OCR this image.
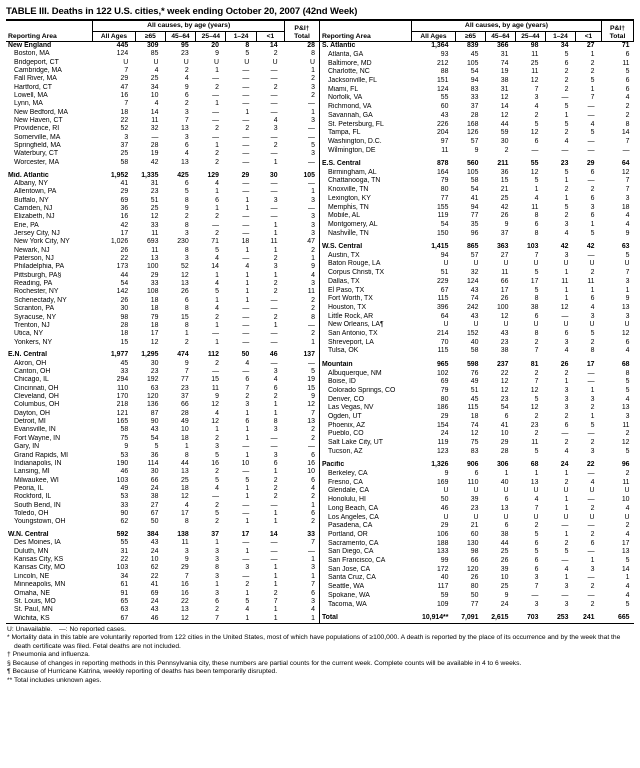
TABLE III. Deaths in 122 U.S. cities,* week ending October 20, 2007 (42nd Week)
Reporting Area	All causes, by age (years)						P&I† Total
	All Ages	≥65	45–64	25–44	1–24	<1	
New England	445	309	95	20	8	14	28
Boston, MA	124	85	23	9	5	2	8
Bridgeport, CT	U	U	U	U	U	U	U
Cambridge, MA	7	4	2	1	—	—	1
Fall River, MA	29	25	4	—	—	—	2
Hartford, CT	47	34	9	2	—	2	3
Lowell, MA	16	10	6	—	—	—	2
Lynn, MA	7	4	2	1	—	—	—
New Bedford, MA	18	14	3	—	1	—	1
New Haven, CT	22	11	7	—	—	4	3
Providence, RI	52	32	13	2	2	3	—
Somerville, MA	3	—	3	—	—	—	—
Springfield, MA	37	28	6	1	—	2	5
Waterbury, CT	25	19	4	2	—	—	3
Worcester, MA	58	42	13	2	—	1	—

Mid. Atlantic	1,952	1,335	425	129	29	30	105
Albany, NY	41	31	6	4	—	—	—
Allentown, PA	29	23	5	1	—	—	1
Buffalo, NY	69	51	8	6	1	3	3
Camden, NJ	36	25	9	1	1	—	—
Elizabeth, NJ	16	12	2	2	—	—	3
Erie, PA	42	33	8	—	—	1	3
Jersey City, NJ	17	11	3	2	—	1	3
New York City, NY	1,026	693	230	71	18	11	47
Newark, NJ	26	11	8	5	1	1	2
Paterson, NJ	22	13	3	4	—	2	1
Philadelphia, PA	173	100	52	14	4	3	9
Pittsburgh, PA§	44	29	12	1	1	1	4
Reading, PA	54	33	13	4	1	2	3
Rochester, NY	142	108	26	5	1	2	11
Schenectady, NY	26	18	6	1	1	—	2
Scranton, PA	30	18	8	4	—	—	2
Syracuse, NY	98	79	15	2	—	2	8
Trenton, NJ	28	18	8	1	—	1	—
Utica, NY	18	17	1	—	—	—	2
Yonkers, NY	15	12	2	1	—	—	1

E.N. Central	1,977	1,295	474	112	50	46	137
Akron, OH	45	30	9	2	4	—	—
Canton, OH	33	23	7	—	—	3	5
Chicago, IL	294	192	77	15	6	4	19
Cincinnati, OH	110	63	23	11	7	6	15
Cleveland, OH	170	120	37	9	2	2	9
Columbus, OH	218	136	66	12	3	1	12
Dayton, OH	121	87	28	4	1	1	7
Detroit, MI	165	90	49	12	6	8	13
Evansville, IN	58	43	10	1	1	3	2
Fort Wayne, IN	75	54	18	2	1	—	2
Gary, IN	9	5	1	3	—	—	—
Grand Rapids, MI	53	36	8	5	1	3	6
Indianapolis, IN	190	114	44	16	10	6	16
Lansing, MI	46	30	13	2	—	1	10
Milwaukee, WI	103	66	25	5	5	2	6
Peoria, IL	49	24	18	4	1	2	4
Rockford, IL	53	38	12	—	1	2	2
South Bend, IN	33	27	4	2	—	—	1
Toledo, OH	90	67	17	5	—	1	6
Youngstown, OH	62	50	8	2	1	1	2

W.N. Central	592	384	138	37	17	14	33
Des Moines, IA	55	43	11	1	—	—	7
Duluth, MN	31	24	3	3	1	—	—
Kansas City, KS	22	10	9	3	—	—	1
Kansas City, MO	103	62	29	8	3	1	3
Lincoln, NE	34	22	7	3	—	1	1
Minneapolis, MN	61	41	16	1	2	1	7
Omaha, NE	91	69	16	3	1	2	6
St. Louis, MO	65	24	22	6	5	7	3
St. Paul, MN	63	43	13	2	4	1	4
Wichita, KS	67	46	12	7	1	1	1
Reporting Area	All causes, by age (years)						P&I† Total
	All Ages	≥65	45–64	25–44	1–24	<1	
S. Atlantic	1,364	839	366	98	34	27	71
Atlanta, GA	93	45	31	11	5	1	6
Baltimore, MD	212	105	74	25	6	2	11
Charlotte, NC	88	54	19	11	2	2	5
Jacksonville, FL	151	94	38	12	2	5	6
Miami, FL	124	83	31	7	2	1	6
Norfolk, VA	55	33	12	3	—	7	4
Richmond, VA	60	37	14	4	5	—	2
Savannah, GA	43	28	12	2	1	—	2
St. Petersburg, FL	226	168	44	5	5	4	8
Tampa, FL	204	126	59	12	2	5	14
Washington, D.C.	97	57	30	6	4	—	7
Wilmington, DE	11	9	2	—	—	—	—

E.S. Central	878	560	211	55	23	29	64
Birmingham, AL	164	105	36	12	5	6	12
Chattanooga, TN	79	58	15	5	1	—	7
Knoxville, TN	80	54	21	1	2	2	7
Lexington, KY	77	41	25	4	1	6	3
Memphis, TN	155	94	42	11	5	3	18
Mobile, AL	119	77	26	8	2	6	4
Montgomery, AL	54	35	9	6	3	1	4
Nashville, TN	150	96	37	8	4	5	9

W.S. Central	1,415	865	363	103	42	42	63
Austin, TX	94	57	27	7	3	—	5
Baton Rouge, LA	U	U	U	U	U	U	U
Corpus Christi, TX	51	32	11	5	1	2	7
Dallas, TX	229	124	66	17	11	11	3
El Paso, TX	67	43	17	5	1	1	1
Fort Worth, TX	115	74	26	8	1	6	9
Houston, TX	396	242	100	38	12	4	13
Little Rock, AR	64	43	12	6	—	3	3
New Orleans, LA¶	U	U	U	U	U	U	U
San Antonio, TX	214	152	43	8	6	5	12
Shreveport, LA	70	40	23	2	3	2	6
Tulsa, OK	115	58	38	7	4	8	4

Mountain	965	598	237	81	26	17	68
Albuquerque, NM	102	76	22	2	2	—	8
Boise, ID	69	49	12	7	1	—	5
Colorado Springs, CO	79	51	12	12	3	1	5
Denver, CO	80	45	23	5	3	3	4
Las Vegas, NV	186	115	54	12	3	2	13
Ogden, UT	29	18	6	2	2	1	3
Phoenix, AZ	154	74	41	23	6	5	11
Pueblo, CO	24	12	10	2	—	—	2
Salt Lake City, UT	119	75	29	11	2	2	12
Tucson, AZ	123	83	28	5	4	3	5

Pacific	1,326	906	306	68	24	22	96
Berkeley, CA	9	6	1	1	1	—	2
Fresno, CA	169	110	40	13	2	4	11
Glendale, CA	U	U	U	U	U	U	U
Honolulu, HI	50	39	6	4	1	—	10
Long Beach, CA	46	23	13	7	1	2	4
Los Angeles, CA	U	U	U	U	U	U	U
Pasadena, CA	29	21	6	2	—	—	2
Portland, OR	106	60	38	5	1	2	4
Sacramento, CA	188	130	44	6	2	6	17
San Diego, CA	133	98	25	5	5	—	13
San Francisco, CA	99	66	26	6	—	1	5
San Jose, CA	172	120	39	6	4	3	14
Santa Cruz, CA	40	26	10	3	1	—	1
Seattle, WA	117	80	25	7	3	2	4
Spokane, WA	59	50	9	—	—	—	4
Tacoma, WA	109	77	24	3	3	2	5

Total	10,914**	7,091	2,615	703	253	241	665
U: Unavailable. —: No reported cases.
* Mortality data in this table are voluntarily reported from 122 cities in the United States, most of which have populations of ≥100,000. A death is reported by the place of its occurrence and by the week that the death certificate was filed. Fetal deaths are not included.
† Pneumonia and influenza.
§ Because of changes in reporting methods in this Pennsylvania city, these numbers are partial counts for the current week. Complete counts will be available in 4 to 6 weeks.
¶ Because of Hurricane Katrina, weekly reporting of deaths has been temporarily disrupted.
** Total includes unknown ages.
